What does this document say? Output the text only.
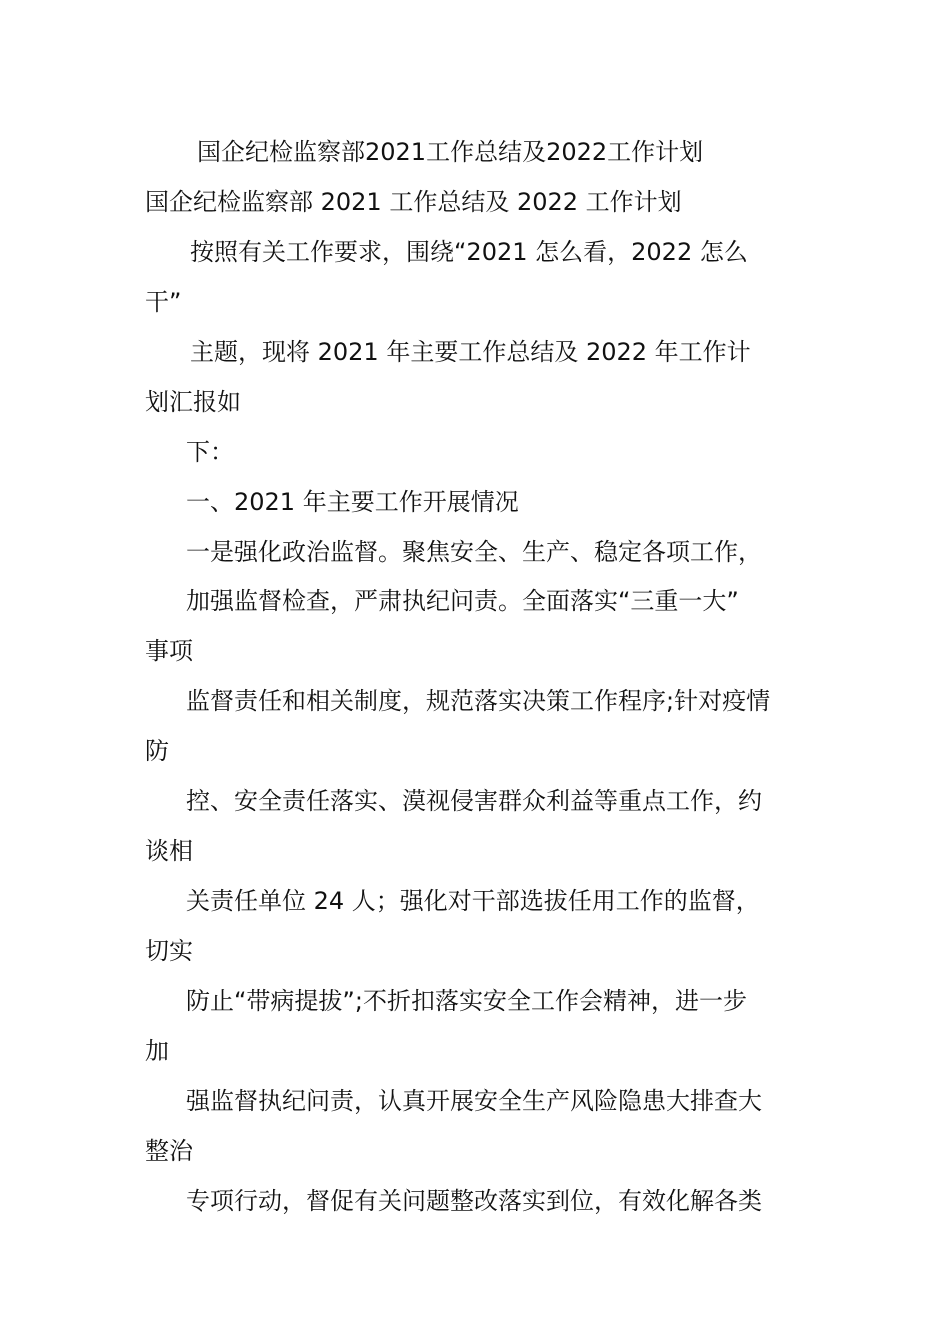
国企纪检监察部2021工作总结及2022工作计划
国企纪检监察部 2021 工作总结及 2022 工作计划
按照有关工作要求，围绕“2021 怎么看，2022 怎么
干”
主题，现将 2021 年主要工作总结及 2022 年工作计
划汇报如
下：
一、2021 年主要工作开展情况
一是强化政治监督。聚焦安全、生产、稳定各项工作，
加强监督检查，严肃执纪问责。全面落实“三重一大”
事项
监督责任和相关制度，规范落实决策工作程序;针对疫情
防
控、安全责任落实、漠视侵害群众利益等重点工作，约
谈相
关责任单位 24 人；强化对干部选拔任用工作的监督，
切实
防止“带病提拔”;不折扣落实安全工作会精神，进一步
加
强监督执纪问责，认真开展安全生产风险隐患大排查大
整治
专项行动，督促有关问题整改落实到位，有效化解各类
